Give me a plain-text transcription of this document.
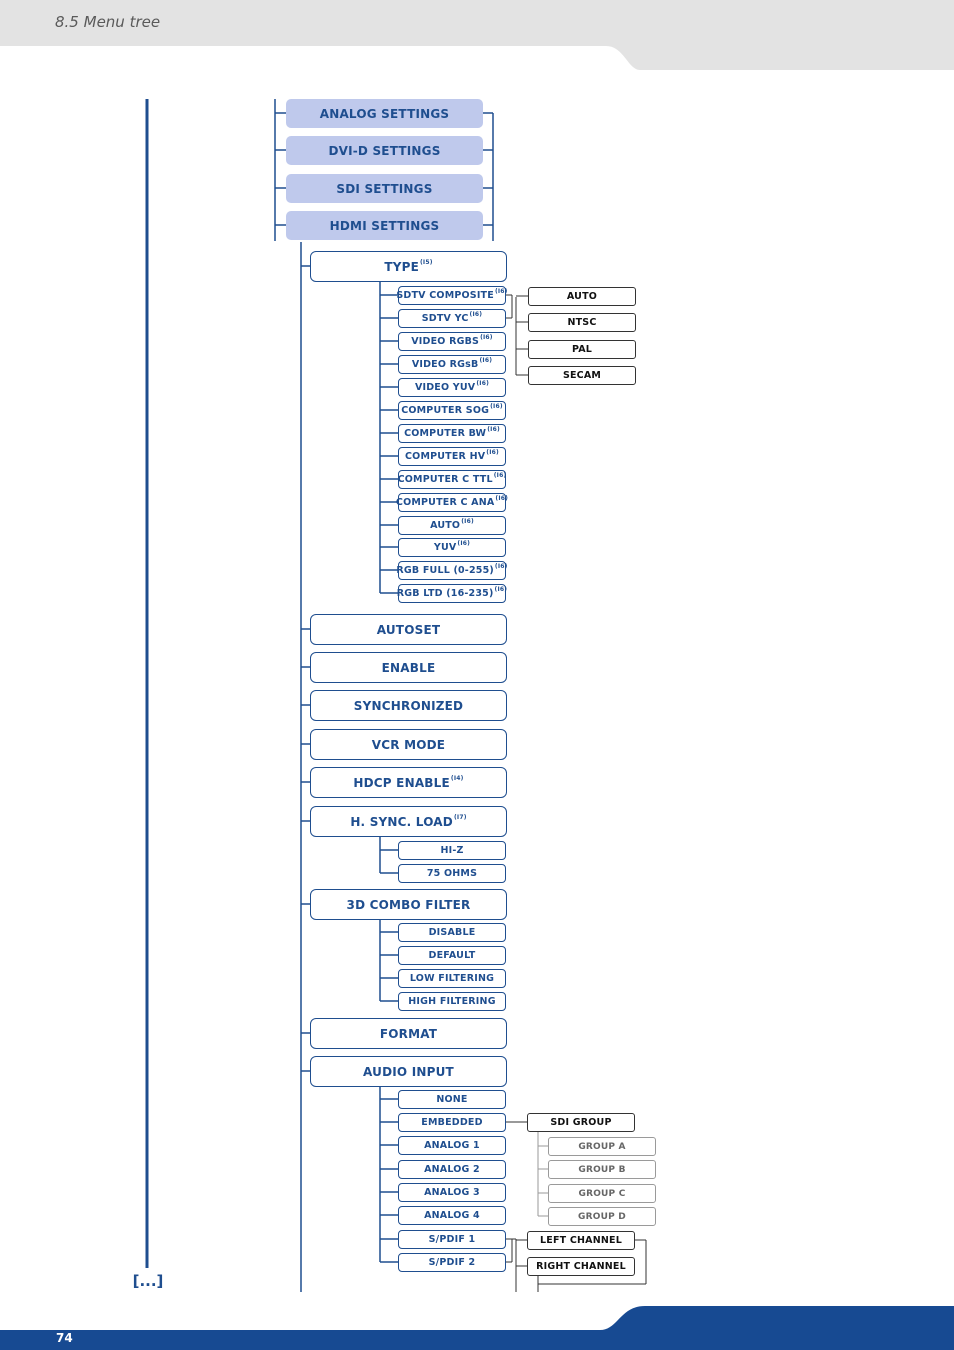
8.5 Menu tree
74
[...]
ANALOG SETTINGS
DVI-D SETTINGS
SDI SETTINGS
HDMI SETTINGS
$TYPE^{(I5)}$
AUTOSET
ENABLE
SYNCHRONIZED
VCR MODE
HDCP $ENABLE^{(I4)}$
H. SYNC. $LOAD^{(I7)}$
3D COMBO FILTER
FORMAT
AUDIO INPUT
SDTV $COMPOSITE^{(I6)}$
SDTV $YC^{(I6)}$
VIDEO $RGBS^{(I6)}$
VIDEO RGsB$^{(I6)}$
VIDEO $YUV^{(I6)}$
COMPUTER $SOG^{(I6)}$
COMPUTER $BW^{(I6)}$
COMPUTER $HV^{(I6)}$
COMPUTER C $TTL^{(I6)}$
COMPUTER C $ANA^{(I6)}$
$AUTO^{(I6)}$
$YUV^{(I6)}$
RGB FULL $(0-255)^{(I6)}$
RGB LTD $(16-235)^{(I6)}$
HI-Z
75 OHMS
DISABLE
DEFAULT
LOW FILTERING
HIGH FILTERING
NONE
EMBEDDED
ANALOG 1
ANALOG 2
ANALOG 3
ANALOG 4
S/PDIF 1
S/PDIF 2
AUTO
NTSC
PAL
SECAM
SDI GROUP
GROUP A
GROUP B
GROUP C
GROUP D
LEFT CHANNEL
RIGHT CHANNEL
